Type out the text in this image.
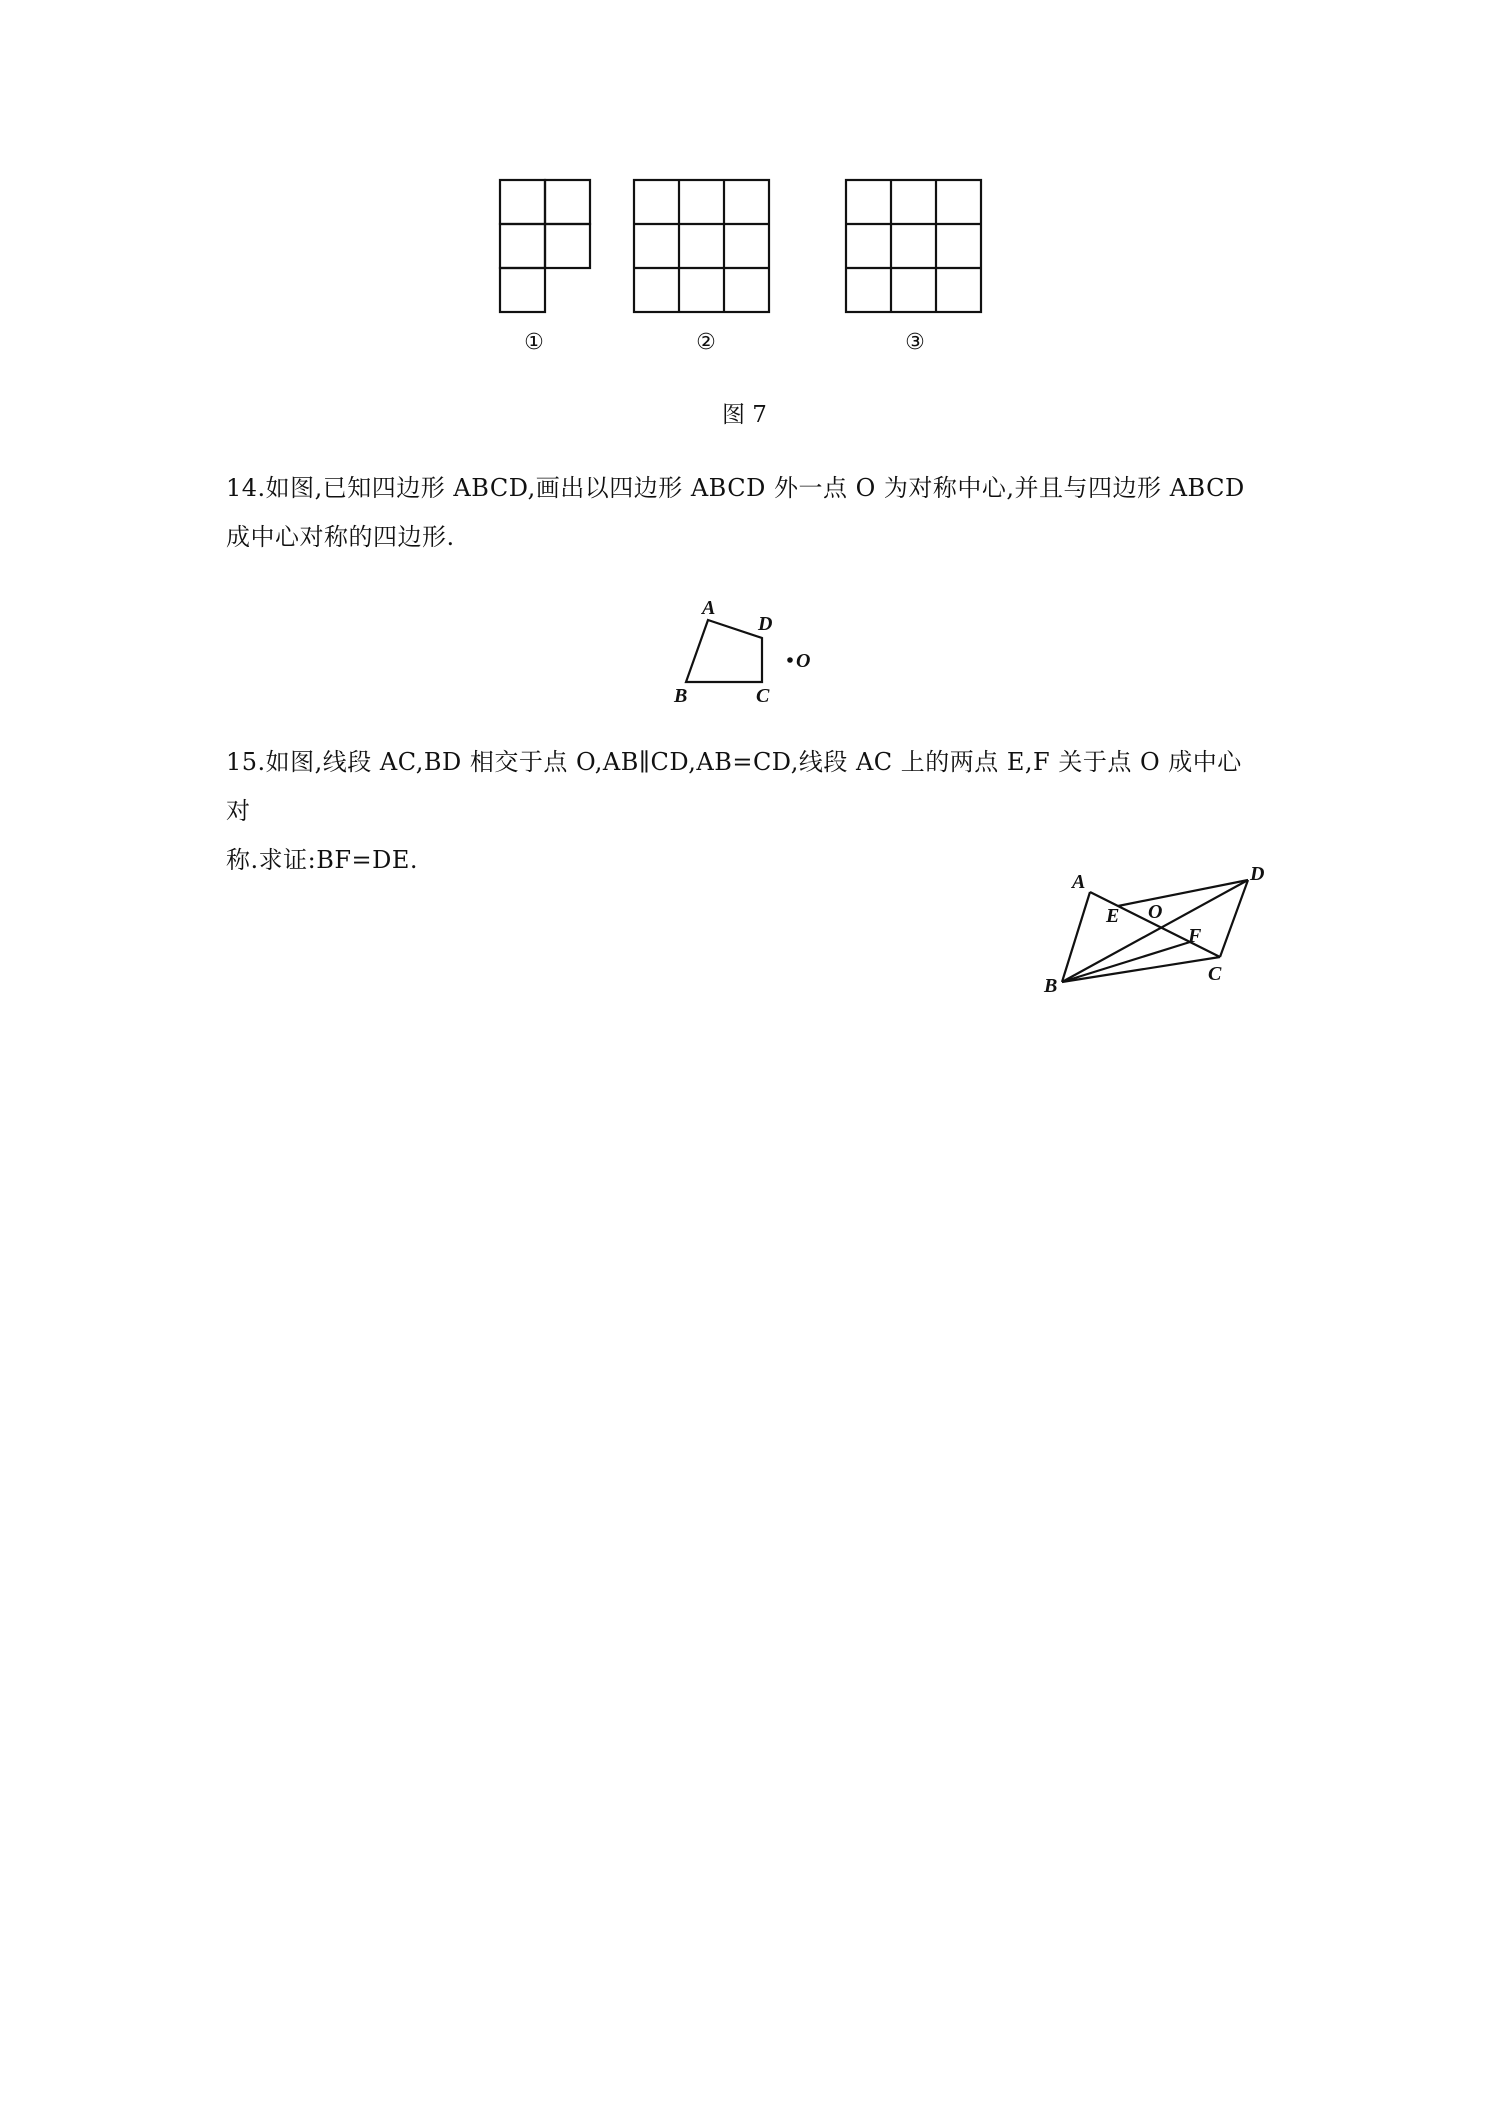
①	②	③
图 7
14.如图,已知四边形 ABCD,画出以四边形 ABCD 外一点 O 为对称中心,并且与四边形 ABCD
成中心对称的四边形.
A
D
B	C
O
15.如图,线段 AC,BD 相交于点 O,AB∥CD,AB=CD,线段 AC 上的两点 E,F 关于点 O 成中心对
称.求证:BF=DE.
A
E O
F
D
C
B
